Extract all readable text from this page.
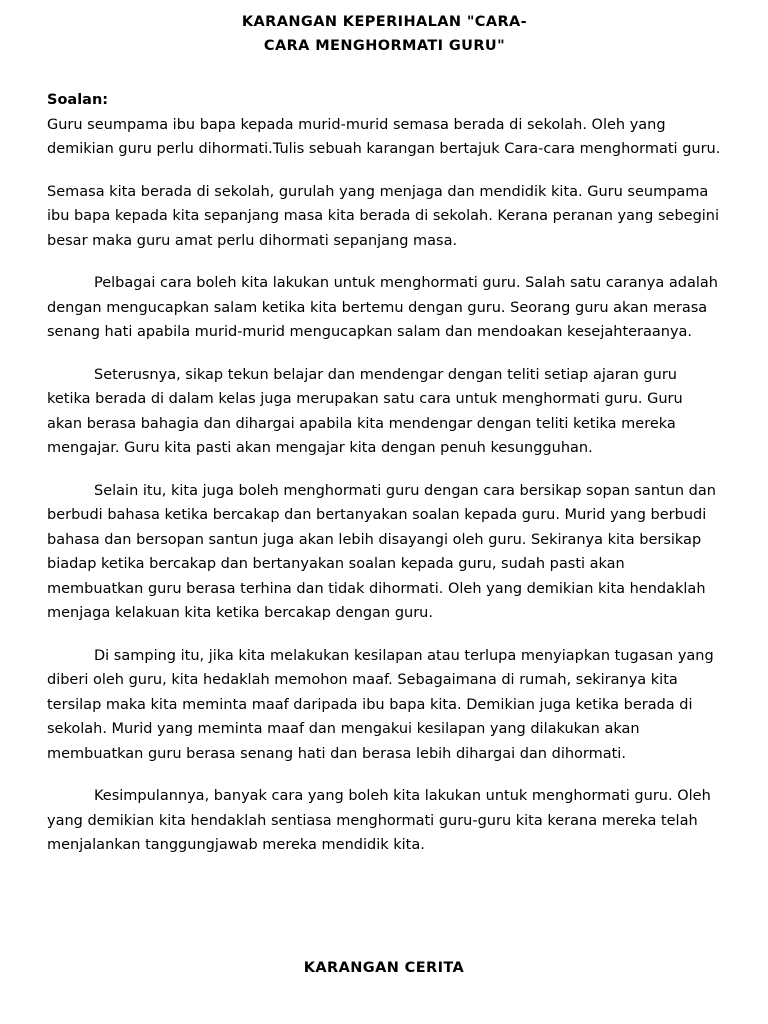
KARANGAN KEPERIHALAN "CARA-
CARA MENGHORMATI GURU"
Soalan:

Guru seumpama ibu bapa kepada murid-murid semasa berada di sekolah. Oleh yang demikian guru perlu dihormati.Tulis sebuah karangan bertajuk Cara-cara menghormati guru.

Semasa kita berada di sekolah, gurulah yang menjaga dan mendidik kita. Guru seumpama ibu bapa kepada kita sepanjang masa kita berada di sekolah. Kerana peranan yang sebegini besar maka guru amat perlu dihormati sepanjang masa.

Pelbagai cara boleh kita lakukan untuk menghormati guru. Salah satu caranya adalah dengan mengucapkan salam ketika kita bertemu dengan guru. Seorang guru akan merasa senang hati apabila murid-murid mengucapkan salam dan mendoakan kesejahteraanya.

Seterusnya, sikap tekun belajar dan mendengar dengan teliti setiap ajaran guru ketika berada di dalam kelas juga merupakan satu cara untuk menghormati guru. Guru akan berasa bahagia dan dihargai apabila kita mendengar dengan teliti ketika mereka mengajar. Guru kita pasti akan mengajar kita dengan penuh kesungguhan.

Selain itu, kita juga boleh menghormati guru dengan cara bersikap sopan santun dan berbudi bahasa ketika bercakap dan bertanyakan soalan kepada guru. Murid yang berbudi bahasa dan bersopan santun juga akan lebih disayangi oleh guru. Sekiranya kita bersikap biadap ketika bercakap dan bertanyakan soalan kepada guru, sudah pasti akan membuatkan guru berasa terhina dan tidak dihormati. Oleh yang demikian kita hendaklah menjaga kelakuan kita ketika bercakap dengan guru.

Di samping itu, jika kita melakukan kesilapan atau terlupa menyiapkan tugasan yang diberi oleh guru, kita hedaklah memohon maaf. Sebagaimana di rumah, sekiranya kita tersilap maka kita meminta maaf daripada ibu bapa kita. Demikian juga ketika berada di sekolah. Murid yang meminta maaf dan mengakui kesilapan yang dilakukan akan membuatkan guru berasa senang hati dan berasa lebih dihargai dan dihormati.

Kesimpulannya, banyak cara yang boleh kita lakukan untuk menghormati guru. Oleh yang demikian kita hendaklah sentiasa menghormati guru-guru kita kerana mereka telah menjalankan tanggungjawab mereka mendidik kita.

KARANGAN CERITA
